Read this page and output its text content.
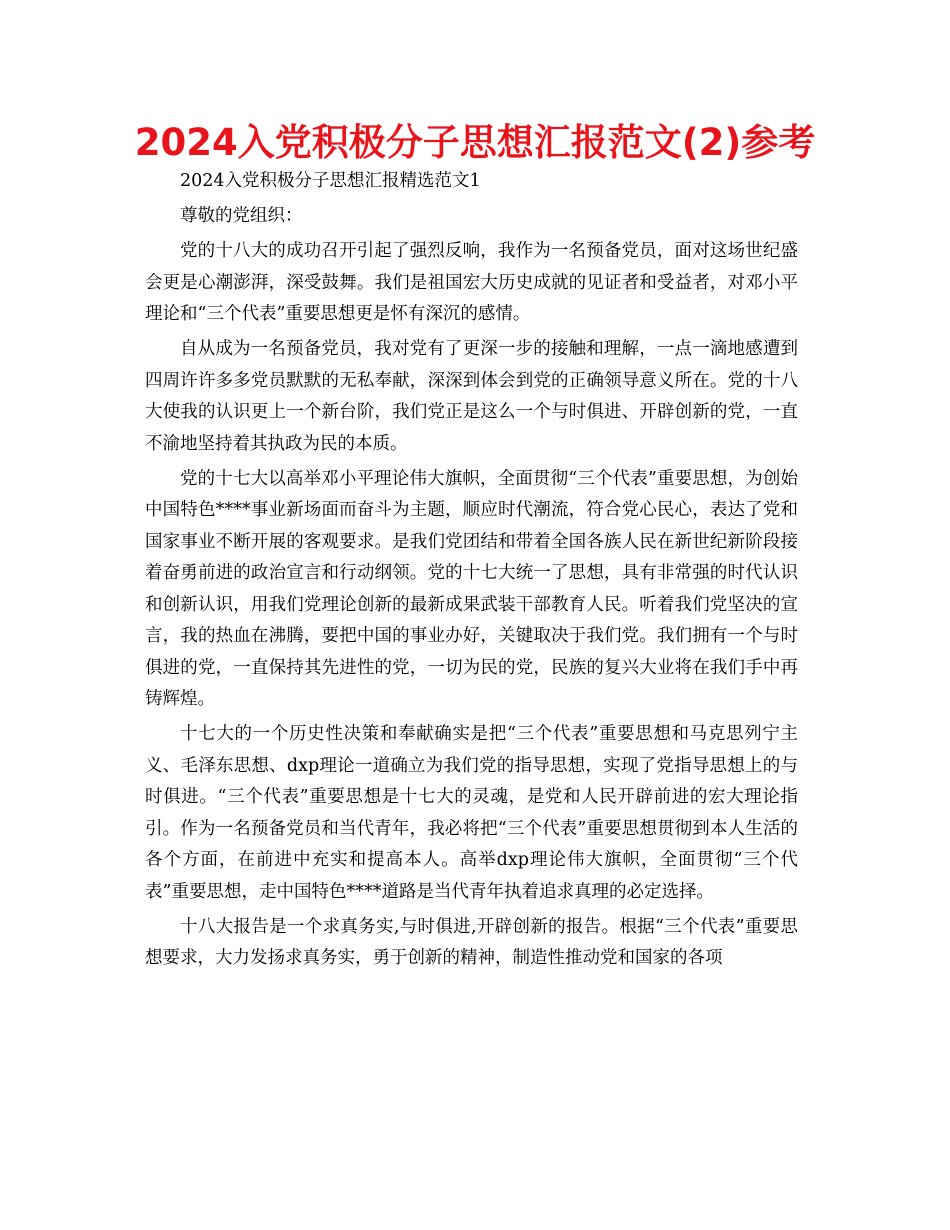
2024入党积极分子思想汇报范文(2)参考

2024入党积极分子思想汇报精选范文1

尊敬的党组织：

党的十八大的成功召开引起了强烈反响，我作为一名预备党员，面对这场世纪盛会更是心潮澎湃，深受鼓舞。我们是祖国宏大历史成就的见证者和受益者，对邓小平理论和“三个代表”重要思想更是怀有深沉的感情。

自从成为一名预备党员，我对党有了更深一步的接触和理解，一点一滴地感遭到四周许许多多党员默默的无私奉献，深深到体会到党的正确领导意义所在。党的十八大使我的认识更上一个新台阶，我们党正是这么一个与时俱进、开辟创新的党，一直不渝地坚持着其执政为民的本质。

党的十七大以高举邓小平理论伟大旗帜，全面贯彻“三个代表”重要思想，为创始中国特色****事业新场面而奋斗为主题，顺应时代潮流，符合党心民心，表达了党和国家事业不断开展的客观要求。是我们党团结和带着全国各族人民在新世纪新阶段接着奋勇前进的政治宣言和行动纲领。党的十七大统一了思想，具有非常强的时代认识和创新认识，用我们党理论创新的最新成果武装干部教育人民。听着我们党坚决的宣言，我的热血在沸腾，要把中国的事业办好，关键取决于我们党。我们拥有一个与时俱进的党，一直保持其先进性的党，一切为民的党，民族的复兴大业将在我们手中再铸辉煌。

十七大的一个历史性决策和奉献确实是把“三个代表”重要思想和马克思列宁主义、毛泽东思想、dxp理论一道确立为我们党的指导思想，实现了党指导思想上的与时俱进。“三个代表”重要思想是十七大的灵魂，是党和人民开辟前进的宏大理论指引。作为一名预备党员和当代青年，我必将把“三个代表”重要思想贯彻到本人生活的各个方面，在前进中充实和提高本人。高举dxp理论伟大旗帜，全面贯彻“三个代表”重要思想，走中国特色****道路是当代青年执着追求真理的必定选择。

十八大报告是一个求真务实,与时俱进,开辟创新的报告。根据“三个代表”重要思想要求，大力发扬求真务实，勇于创新的精神，制造性推动党和国家的各项
